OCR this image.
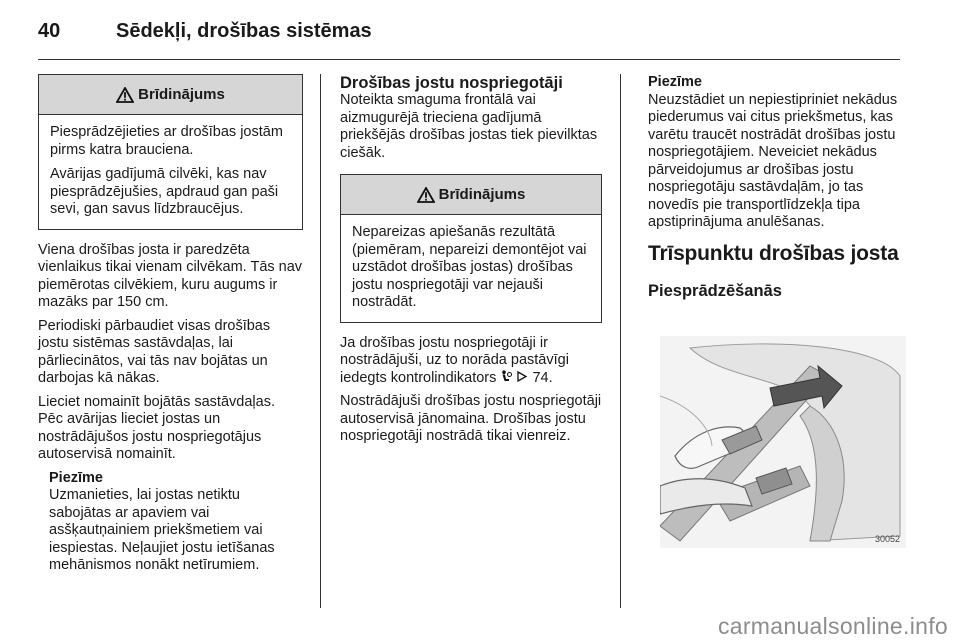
40	Sēdekļi, drošības sistēmas
Brīdinājums

Piesprādzējieties ar drošības jostām pirms katra brauciena.

Avārijas gadījumā cilvēki, kas nav piesprādzējušies, apdraud gan paši sevi, gan savus līdzbraucējus.

Viena drošības josta ir paredzēta vienlaikus tikai vienam cilvēkam. Tās nav piemērotas cilvēkiem, kuru augums ir mazāks par 150 cm.

Periodiski pārbaudiet visas drošības jostu sistēmas sastāvdaļas, lai pārliecinātos, vai tās nav bojātas un darbojas kā nākas.

Lieciet nomainīt bojātās sastāvdaļas. Pēc avārijas lieciet jostas un nostrādājušos jostu nospriegotājus autoservisā nomainīt.

Piezīme
Uzmanieties, lai jostas netiktu sabojātas ar apaviem vai asšķautņainiem priekšmetiem vai iespiestas. Neļaujiet jostu ietīšanas mehānismos nonākt netīrumiem.
Drošības jostu nospriegotāji

Noteikta smaguma frontālā vai aizmugurējā trieciena gadījumā priekšējās drošības jostas tiek pievilktas ciešāk.

Brīdinājums

Nepareizas apiešanās rezultātā (piemēram, nepareizi demontējot vai uzstādot drošības jostas) drošības jostu nospriegotāji var nejauši nostrādāt.

Ja drošības jostu nospriegotāji ir nostrādājuši, uz to norāda pastāvīgi iedegts kontrolindikators 74.

Nostrādājuši drošības jostu nospriegotāji autoservisā jānomaina. Drošības jostu nospriegotāji nostrādā tikai vienreiz.

Piezīme
Neuzstādiet un nepiestipriniet nekādus piederumus vai citus priekšmetus, kas varētu traucēt nostrādāt drošības jostu nospriegotājiem. Neveiciet nekādus pārveidojumus ar drošības jostu nospriegotāju sastāvdaļām, jo tas novedīs pie transportlīdzekļa tipa apstiprinājuma anulēšanas.
Trīspunktu drošības josta
Piesprādzēšanās
30052
carmanualsonline.info
